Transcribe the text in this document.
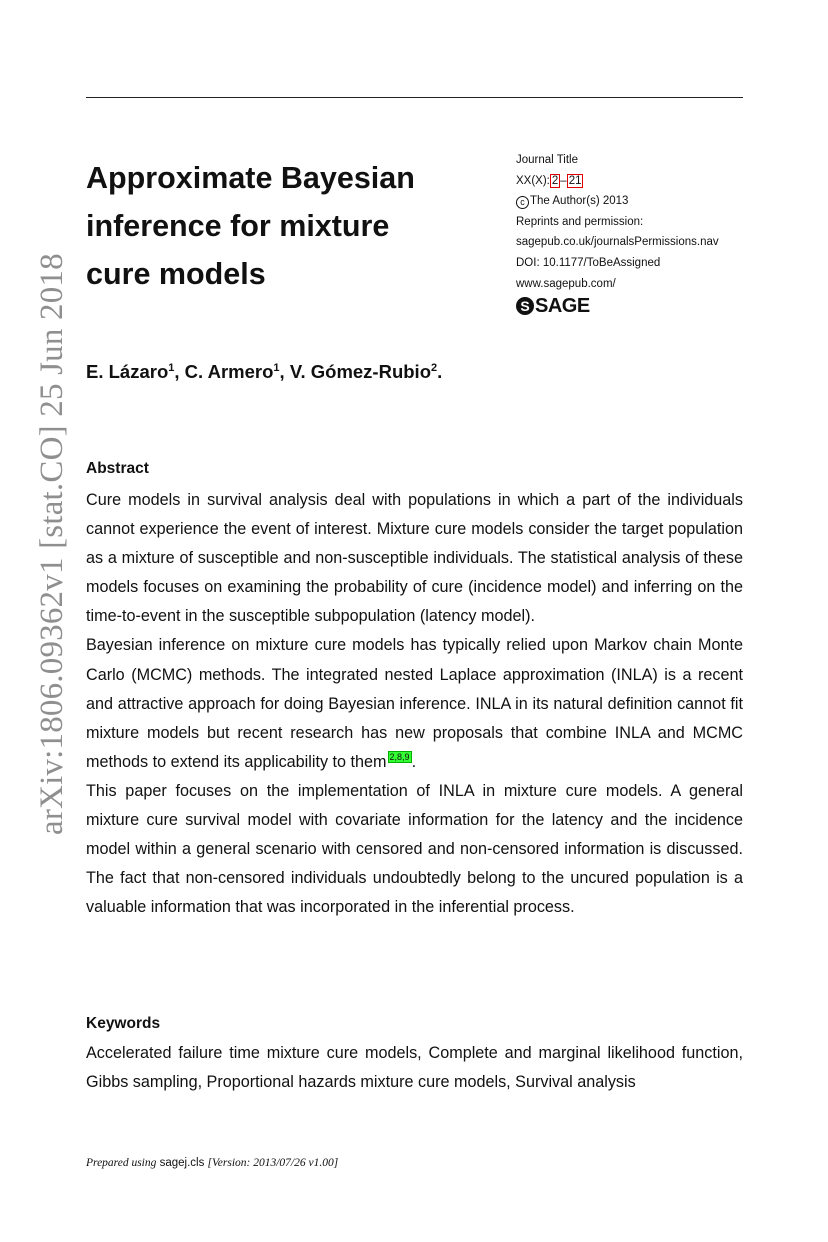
arXiv:1806.09362v1 [stat.CO] 25 Jun 2018
Approximate Bayesian
inference for mixture
cure models
Journal Title
XX(X): 2 – 21
c The Author(s) 2013
Reprints and permission:
sagepub.co.uk/journalsPermissions.nav
DOI: 10.1177/ToBeAssigned
www.sagepub.com/
S SAGE
E. Lázaro$^1$, C. Armero$^1$, V. Gómez-Rubio$^2$.
Abstract

Cure models in survival analysis deal with populations in which a part of the individuals cannot experience the event of interest. Mixture cure models consider the target population as a mixture of susceptible and non-susceptible individuals. The statistical analysis of these models focuses on examining the probability of cure (incidence model) and inferring on the time-to-event in the susceptible subpopulation (latency model).

Bayesian inference on mixture cure models has typically relied upon Markov chain Monte Carlo (MCMC) methods. The integrated nested Laplace approximation (INLA) is a recent and attractive approach for doing Bayesian inference. INLA in its natural definition cannot fit mixture models but recent research has new proposals that combine INLA and MCMC methods to extend its applicability to them 2,8,9 .

This paper focuses on the implementation of INLA in mixture cure models. A general mixture cure survival model with covariate information for the latency and the incidence model within a general scenario with censored and non-censored information is discussed. The fact that non-censored individuals undoubtedly belong to the uncured population is a valuable information that was incorporated in the inferential process.

Keywords

Accelerated failure time mixture cure models, Complete and marginal likelihood function, Gibbs sampling, Proportional hazards mixture cure models, Survival analysis

Prepared using sagej.cls [Version: 2013/07/26 v1.00]
